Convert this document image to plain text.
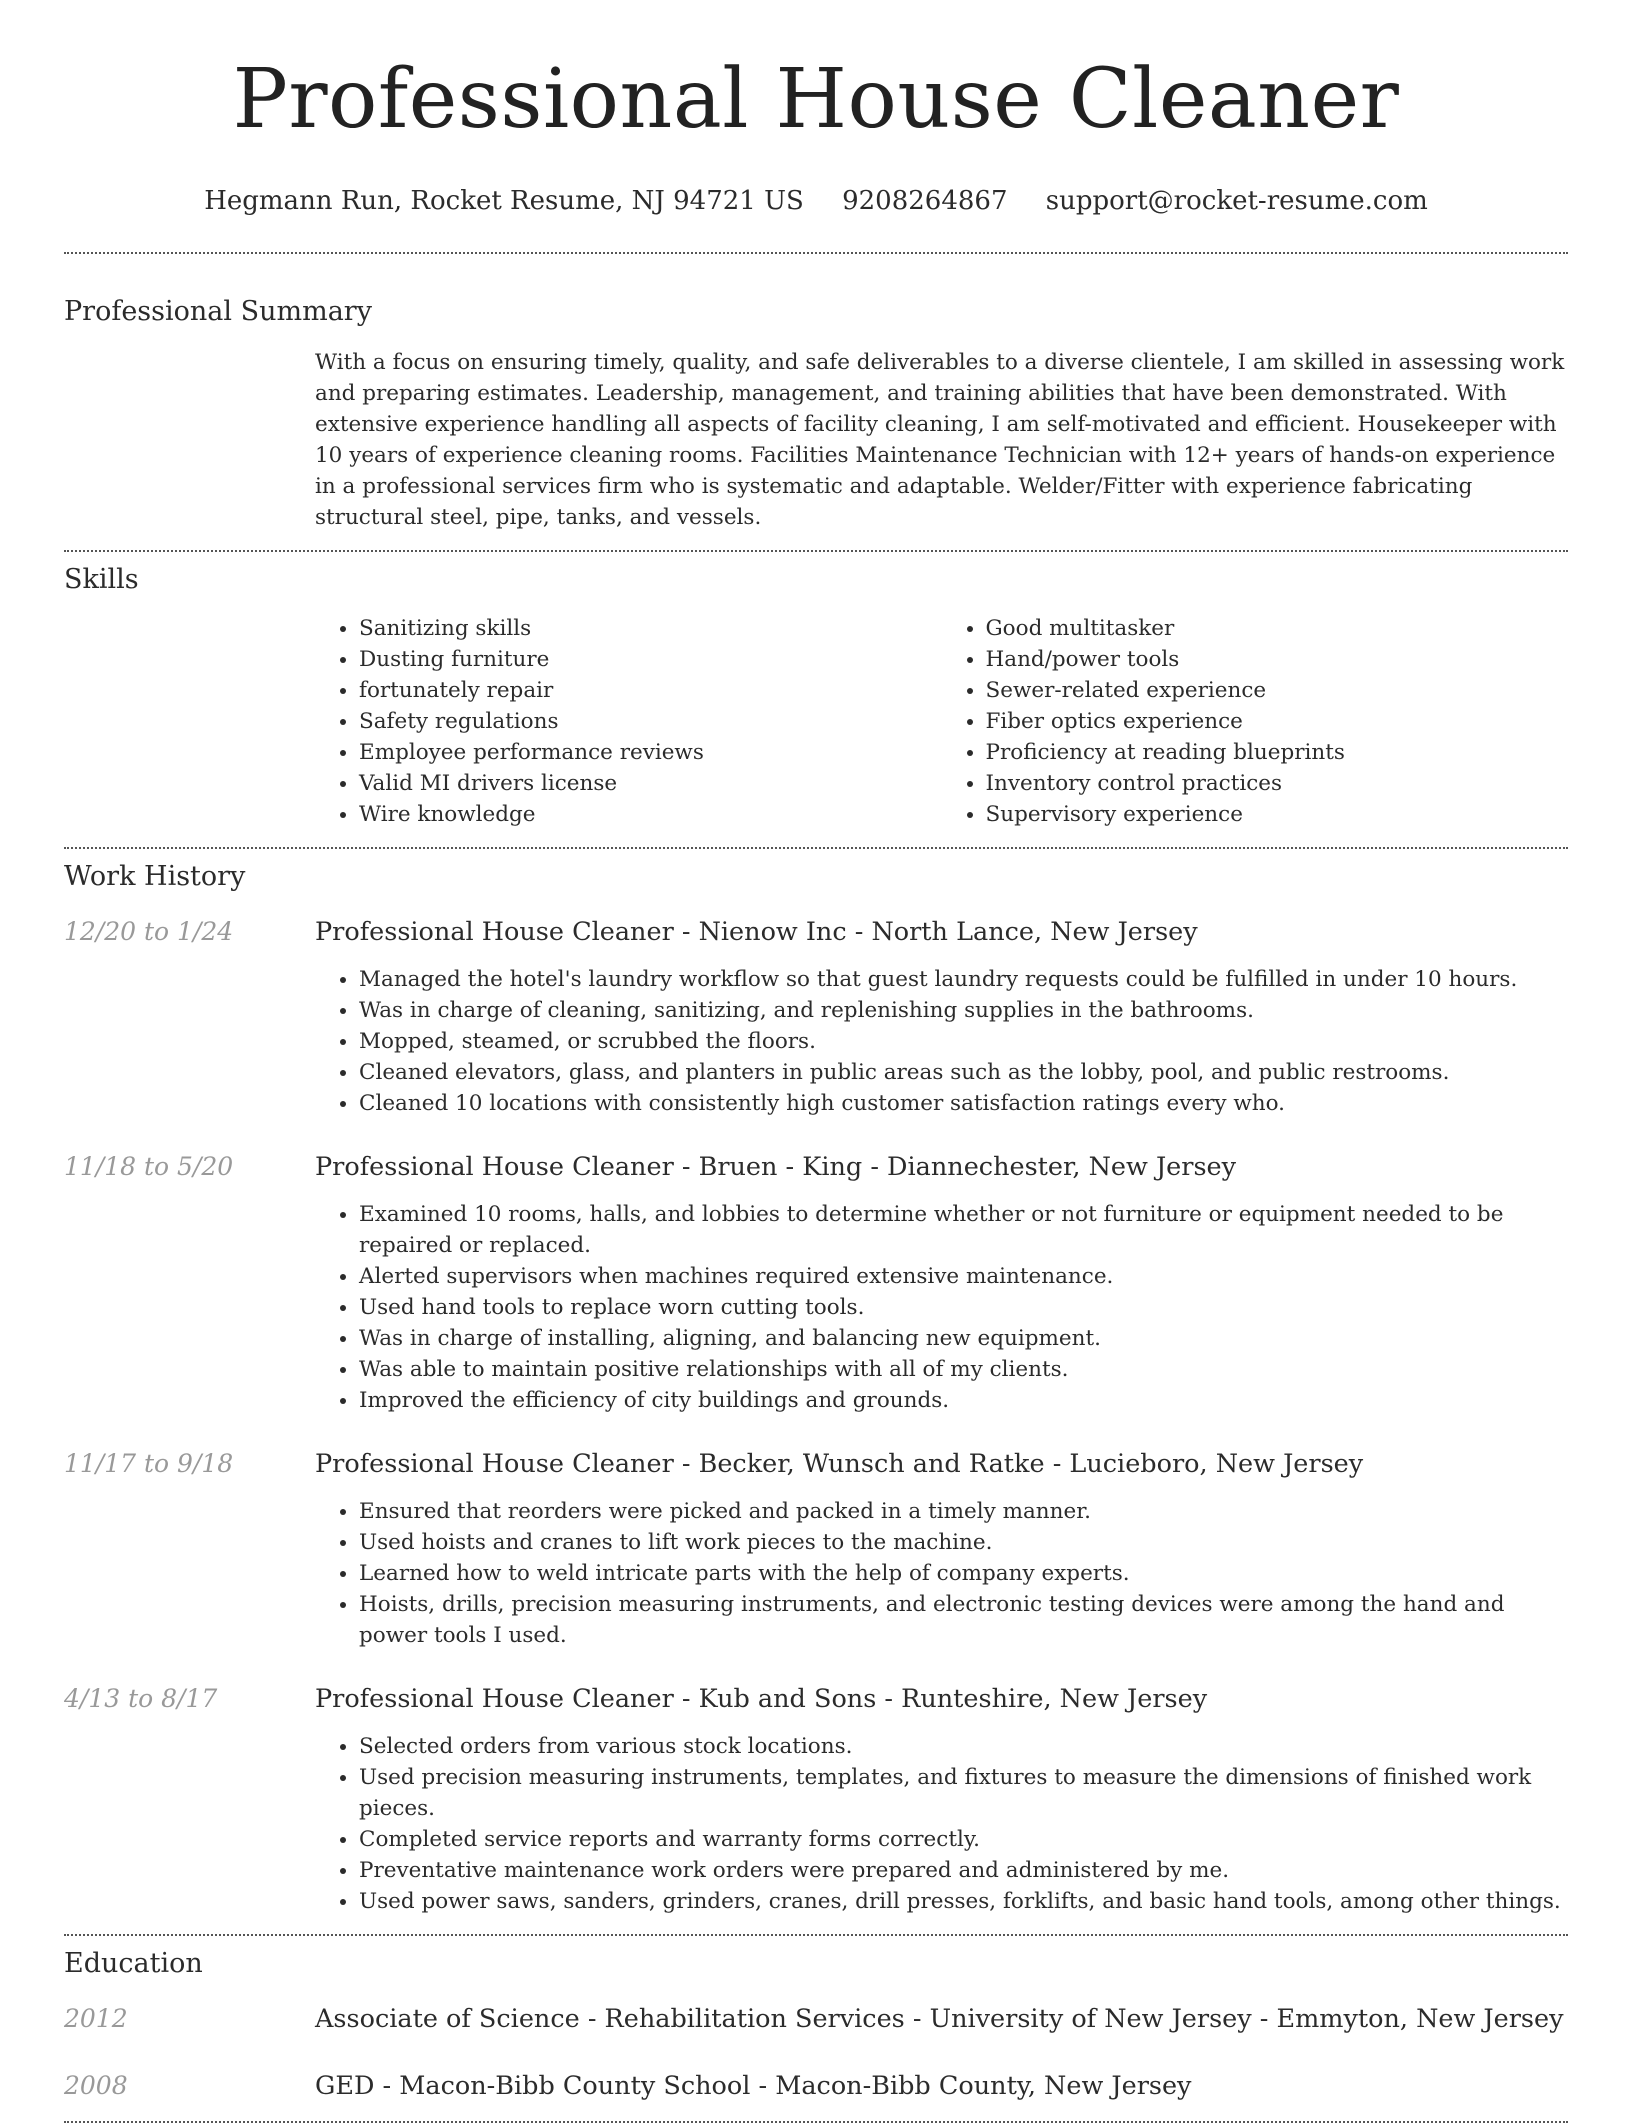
Professional House Cleaner
Hegmann Run, Rocket Resume, NJ 94721 US 9208264867 support@rocket-resume.com
Professional Summary

With a focus on ensuring timely, quality, and safe deliverables to a diverse clientele, I am skilled in assessing work and preparing estimates. Leadership, management, and training abilities that have been demonstrated. With extensive experience handling all aspects of facility cleaning, I am self-motivated and efficient. Housekeeper with 10 years of experience cleaning rooms. Facilities Maintenance Technician with 12+ years of hands-on experience in a professional services firm who is systematic and adaptable. Welder/Fitter with experience fabricating structural steel, pipe, tanks, and vessels.

Skills
• Sanitizing skills
• Dusting furniture
• fortunately repair
• Safety regulations
• Employee performance reviews
• Valid MI drivers license
• Wire knowledge
• Good multitasker
• Hand/power tools
• Sewer-related experience
• Fiber optics experience
• Proficiency at reading blueprints
• Inventory control practices
• Supervisory experience
Work History
12/20 to 1/24	Professional House Cleaner - Nienow Inc - North Lance, New Jersey
• Managed the hotel's laundry workflow so that guest laundry requests could be fulfilled in under 10 hours.
• Was in charge of cleaning, sanitizing, and replenishing supplies in the bathrooms.
• Mopped, steamed, or scrubbed the floors.
• Cleaned elevators, glass, and planters in public areas such as the lobby, pool, and public restrooms.
• Cleaned 10 locations with consistently high customer satisfaction ratings every who.
11/18 to 5/20	Professional House Cleaner - Bruen - King - Diannechester, New Jersey
• Examined 10 rooms, halls, and lobbies to determine whether or not furniture or equipment needed to be repaired or replaced.
• Alerted supervisors when machines required extensive maintenance.
• Used hand tools to replace worn cutting tools.
• Was in charge of installing, aligning, and balancing new equipment.
• Was able to maintain positive relationships with all of my clients.
• Improved the efficiency of city buildings and grounds.
11/17 to 9/18	Professional House Cleaner - Becker, Wunsch and Ratke - Lucieboro, New Jersey
• Ensured that reorders were picked and packed in a timely manner.
• Used hoists and cranes to lift work pieces to the machine.
• Learned how to weld intricate parts with the help of company experts.
• Hoists, drills, precision measuring instruments, and electronic testing devices were among the hand and power tools I used.
4/13 to 8/17	Professional House Cleaner - Kub and Sons - Runteshire, New Jersey
• Selected orders from various stock locations.
• Used precision measuring instruments, templates, and fixtures to measure the dimensions of finished work pieces.
• Completed service reports and warranty forms correctly.
• Preventative maintenance work orders were prepared and administered by me.
• Used power saws, sanders, grinders, cranes, drill presses, forklifts, and basic hand tools, among other things.
Education
2012	Associate of Science - Rehabilitation Services - University of New Jersey - Emmyton, New Jersey
2008	GED - Macon-Bibb County School - Macon-Bibb County, New Jersey
